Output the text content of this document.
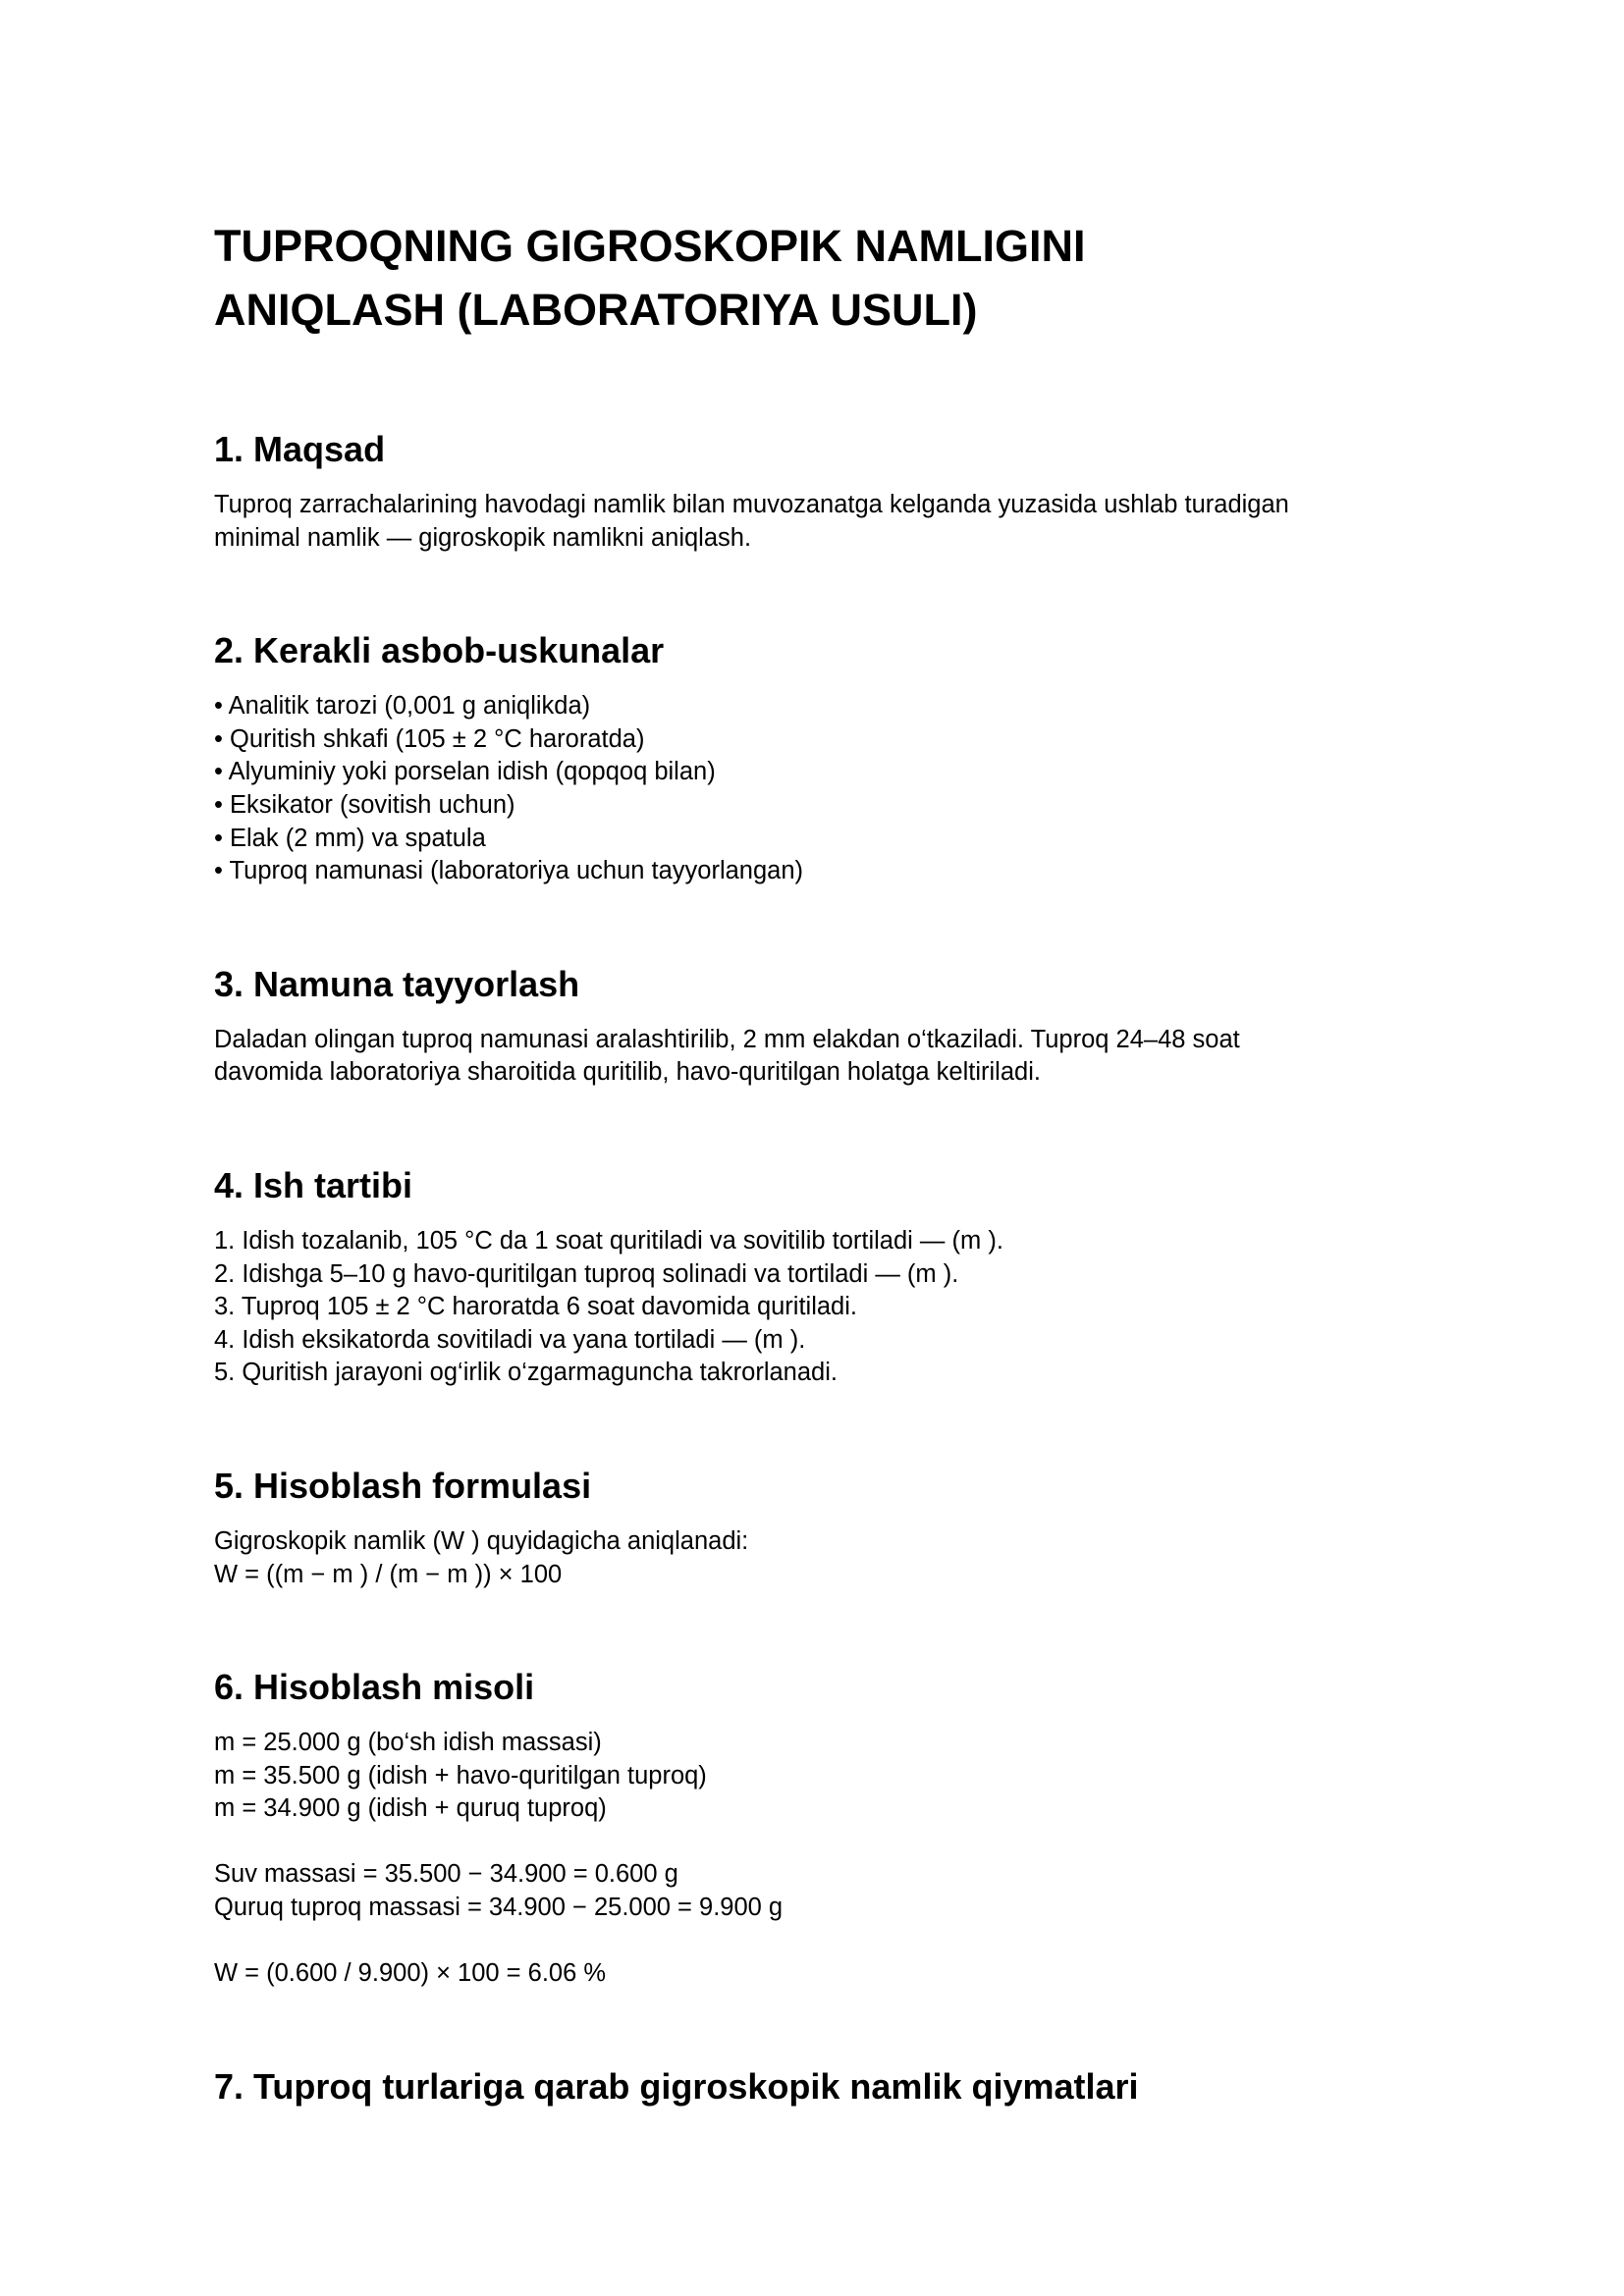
TUPROQNING GIGROSKOPIK NAMLIGINI
ANIQLASH (LABORATORIYA USULI)
1. Maqsad

Tuproq zarrachalarining havodagi namlik bilan muvozanatga kelganda yuzasida ushlab turadigan
minimal namlik — gigroskopik namlikni aniqlash.

2. Kerakli asbob-uskunalar
• Analitik tarozi (0,001 g aniqlikda)
• Quritish shkafi (105 ± 2 °C haroratda)
• Alyuminiy yoki porselan idish (qopqoq bilan)
• Eksikator (sovitish uchun)
• Elak (2 mm) va spatula
• Tuproq namunasi (laboratoriya uchun tayyorlangan)
3. Namuna tayyorlash

Daladan olingan tuproq namunasi aralashtirilib, 2 mm elakdan o‘tkaziladi. Tuproq 24–48 soat
davomida laboratoriya sharoitida quritilib, havo-quritilgan holatga keltiriladi.

4. Ish tartibi
1. Idish tozalanib, 105 °C da 1 soat quritiladi va sovitilib tortiladi — (m ).
2. Idishga 5–10 g havo-quritilgan tuproq solinadi va tortiladi — (m ).
3. Tuproq 105 ± 2 °C haroratda 6 soat davomida quritiladi.
4. Idish eksikatorda sovitiladi va yana tortiladi — (m ).
5. Quritish jarayoni og‘irlik o‘zgarmaguncha takrorlanadi.
5. Hisoblash formulasi
Gigroskopik namlik (W ) quyidagicha aniqlanadi:
W = ((m − m ) / (m − m )) × 100
6. Hisoblash misoli
m = 25.000 g (bo‘sh idish massasi)
m = 35.500 g (idish + havo-quritilgan tuproq)
m = 34.900 g (idish + quruq tuproq)
Suv massasi = 35.500 − 34.900 = 0.600 g
Quruq tuproq massasi = 34.900 − 25.000 = 9.900 g
W = (0.600 / 9.900) × 100 = 6.06 %
7. Tuproq turlariga qarab gigroskopik namlik qiymatlari
